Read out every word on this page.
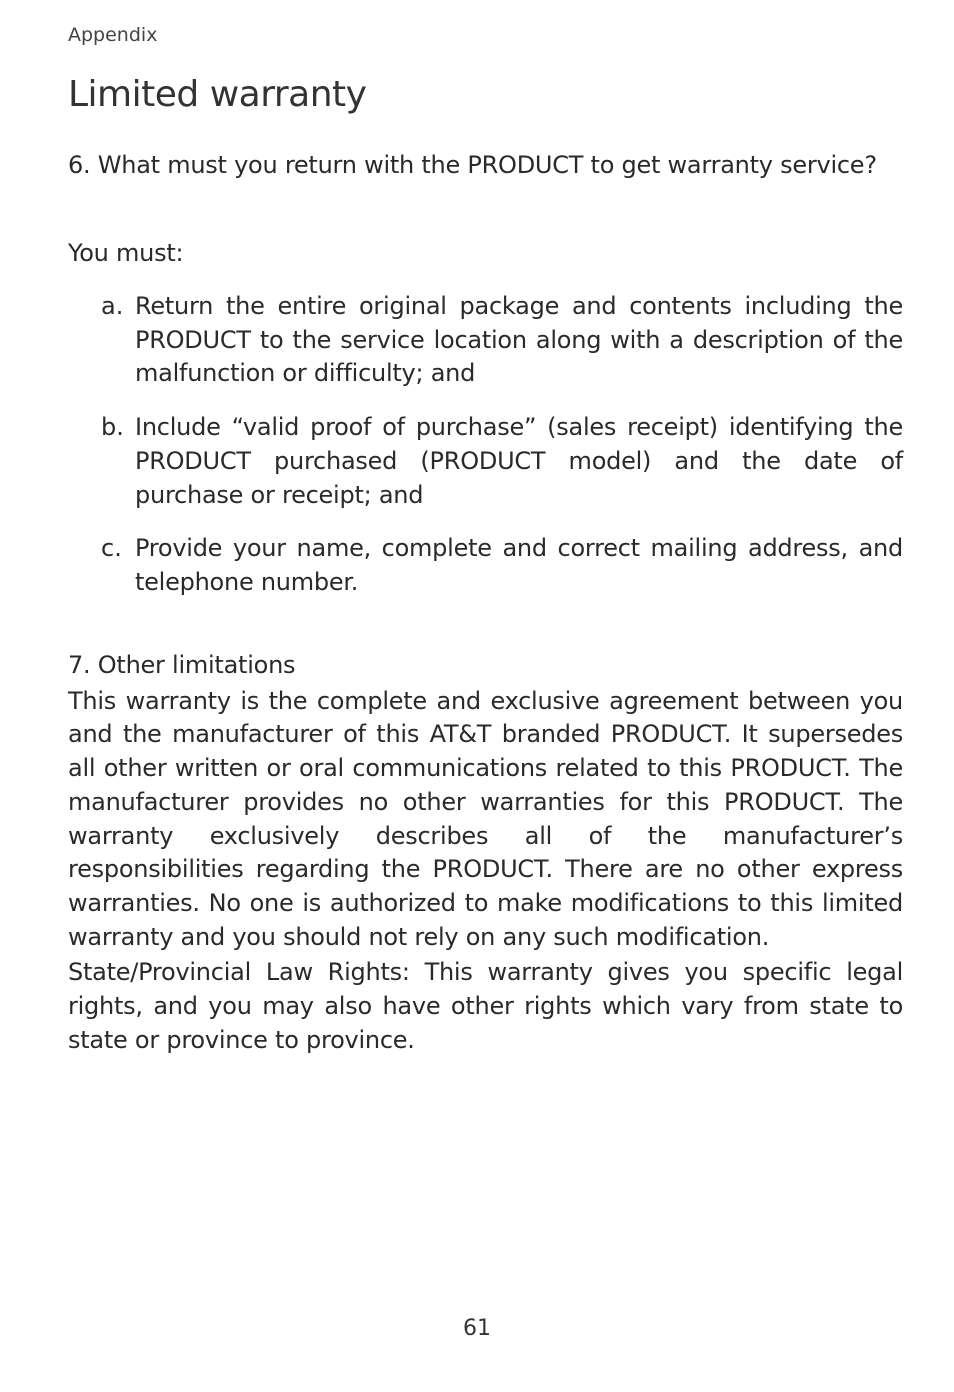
Appendix
Limited warranty

6. What must you return with the PRODUCT to get warranty service?

You must:

a. Return the entire original package and contents including the PRODUCT to the service location along with a description of the malfunction or difficulty; and

b. Include “valid proof of purchase” (sales receipt) identifying the PRODUCT purchased (PRODUCT model) and the date of purchase or receipt; and

c. Provide your name, complete and correct mailing address, and telephone number.

7. Other limitations

This warranty is the complete and exclusive agreement between you and the manufacturer of this AT&T branded PRODUCT. It supersedes all other written or oral communications related to this PRODUCT. The manufacturer provides no other warranties for this PRODUCT. The warranty exclusively describes all of the manufacturer’s responsibilities regarding the PRODUCT. There are no other express warranties. No one is authorized to make modifications to this limited warranty and you should not rely on any such modification.

State/Provincial Law Rights: This warranty gives you specific legal rights, and you may also have other rights which vary from state to state or province to province.

61
